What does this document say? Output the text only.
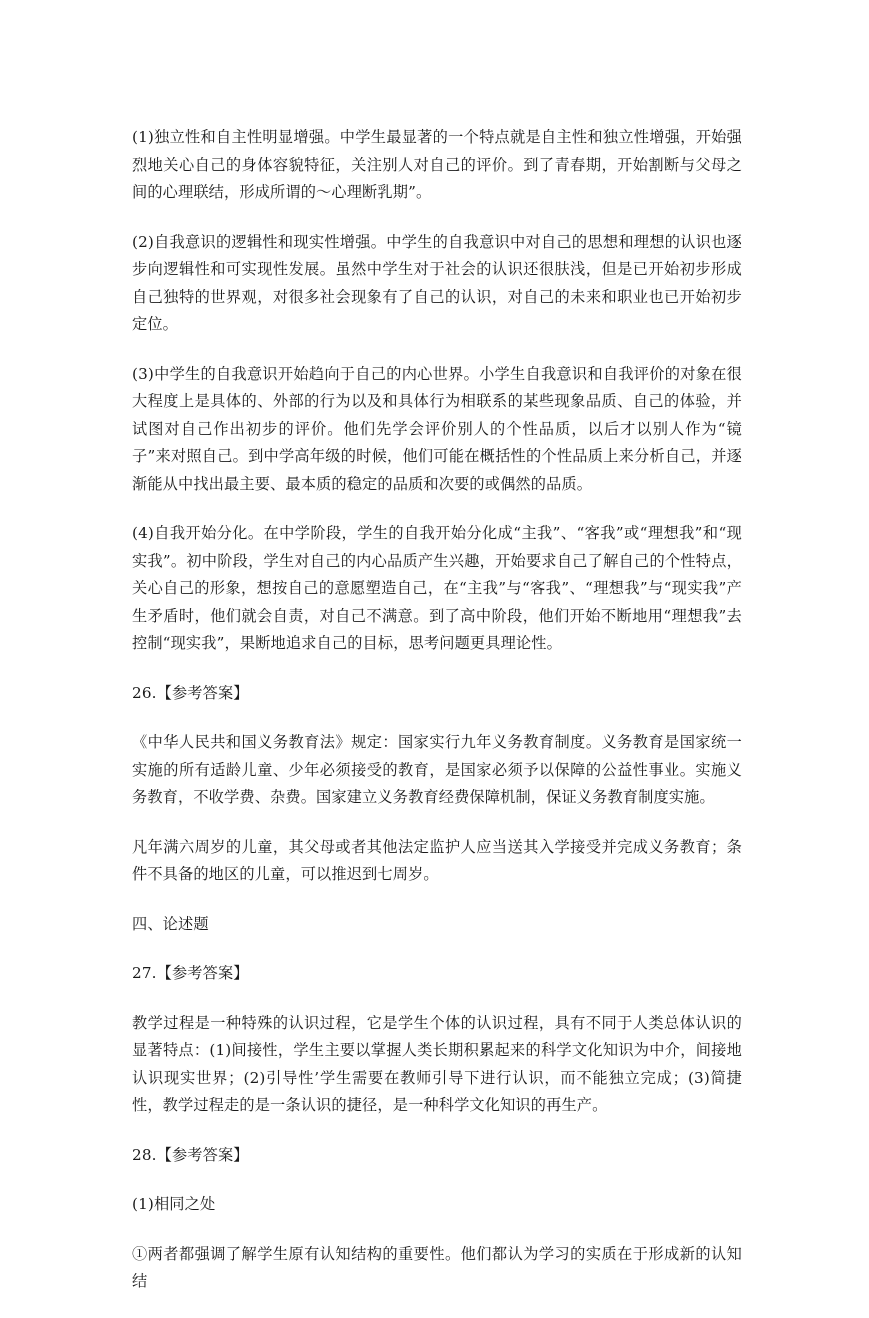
(1)独立性和自主性明显增强。中学生最显著的一个特点就是自主性和独立性增强，开始强烈地关心自己的身体容貌特征，关注别人对自己的评价。到了青春期，开始割断与父母之间的心理联结，形成所谓的～心理断乳期”。

(2)自我意识的逻辑性和现实性增强。中学生的自我意识中对自己的思想和理想的认识也逐步向逻辑性和可实现性发展。虽然中学生对于社会的认识还很肤浅，但是已开始初步形成自己独特的世界观，对很多社会现象有了自己的认识，对自己的未来和职业也已开始初步定位。

(3)中学生的自我意识开始趋向于自己的内心世界。小学生自我意识和自我评价的对象在很大程度上是具体的、外部的行为以及和具体行为相联系的某些现象品质、自己的体验，并试图对自己作出初步的评价。他们先学会评价别人的个性品质，以后才以别人作为“镜子”来对照自己。到中学高年级的时候，他们可能在概括性的个性品质上来分析自己，并逐渐能从中找出最主要、最本质的稳定的品质和次要的或偶然的品质。

(4)自我开始分化。在中学阶段，学生的自我开始分化成“主我”、“客我”或“理想我”和“现实我”。初中阶段，学生对自己的内心品质产生兴趣，开始要求自己了解自己的个性特点，关心自己的形象，想按自己的意愿塑造自己，在“主我”与“客我”、“理想我”与“现实我”产生矛盾时，他们就会自责，对自己不满意。到了高中阶段，他们开始不断地用“理想我”去控制“现实我”，果断地追求自己的目标，思考问题更具理论性。

26.【参考答案】

《中华人民共和国义务教育法》规定：国家实行九年义务教育制度。义务教育是国家统一实施的所有适龄儿童、少年必须接受的教育，是国家必须予以保障的公益性事业。实施义务教育，不收学费、杂费。国家建立义务教育经费保障机制，保证义务教育制度实施。

凡年满六周岁的儿童，其父母或者其他法定监护人应当送其入学接受并完成义务教育；条件不具备的地区的儿童，可以推迟到七周岁。

四、论述题

27.【参考答案】

教学过程是一种特殊的认识过程，它是学生个体的认识过程，具有不同于人类总体认识的显著特点：(1)间接性，学生主要以掌握人类长期积累起来的科学文化知识为中介，间接地认识现实世界；(2)引导性’学生需要在教师引导下进行认识，而不能独立完成；(3)简捷性，教学过程走的是一条认识的捷径，是一种科学文化知识的再生产。

28.【参考答案】

(1)相同之处

①两者都强调了解学生原有认知结构的重要性。他们都认为学习的实质在于形成新的认知结
